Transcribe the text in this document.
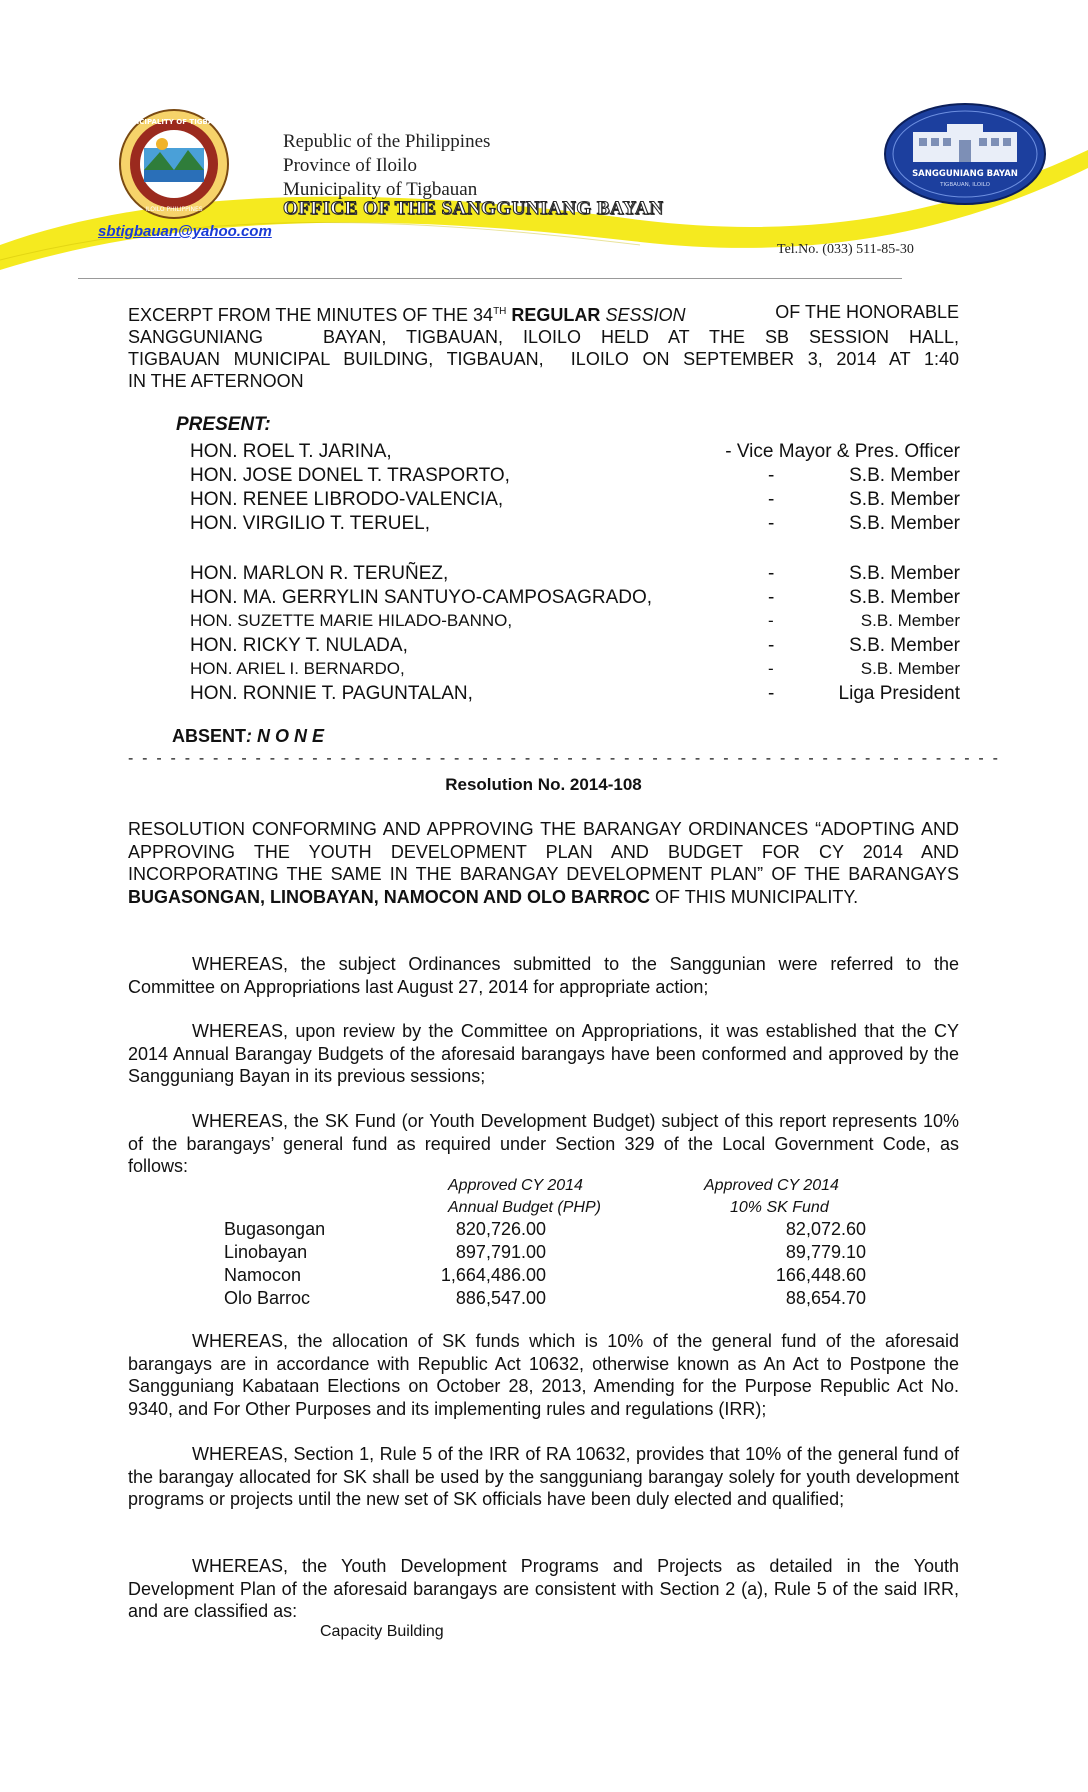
MUNICIPALITY OF TIGBAUAN
ILOILO PHILIPPINES
SANGGUNIANG BAYAN
TIGBAUAN, ILOILO
Republic of the Philippines
Province of Iloilo
Municipality of Tigbauan
OFFICE OF THE SANGGUNIANG BAYAN
sbtigbauan@yahoo.com
Tel.No. (033) 511-85-30
EXCERPT FROM THE MINUTES OF THE 34TH REGULAR SESSION	OF THE HONORABLE
SANGGUNIANG   BAYAN, TIGBAUAN, ILOILO HELD AT THE SB SESSION HALL,
TIGBAUAN MUNICIPAL BUILDING, TIGBAUAN,  ILOILO ON SEPTEMBER 3, 2014 AT 1:40
IN THE AFTERNOON
PRESENT:
HON. ROEL T. JARINA,	- Vice Mayor & Pres. Officer
HON. JOSE DONEL T. TRASPORTO,	-	S.B. Member
HON. RENEE LIBRODO-VALENCIA,	-	S.B. Member
HON. VIRGILIO T. TERUEL,	-	S.B. Member
HON. MARLON R. TERUÑEZ,	-	S.B. Member
HON. MA. GERRYLIN SANTUYO-CAMPOSAGRADO,	-	S.B. Member
HON. SUZETTE MARIE HILADO-BANNO,	-	S.B. Member
HON. RICKY T. NULADA,	-	S.B. Member
HON. ARIEL I. BERNARDO,	-	S.B. Member
HON. RONNIE T. PAGUNTALAN,	-	Liga President
ABSENT: N O N E
- - - - - - - - - - - - - - - - - - - - - - - - - - - - - - - - - - - - - - - - - - - - - - - - - - - - - - - - - - - - - -
Resolution No. 2014-108
RESOLUTION CONFORMING AND APPROVING THE BARANGAY ORDINANCES “ADOPTING AND APPROVING THE YOUTH DEVELOPMENT PLAN AND BUDGET FOR CY 2014 AND INCORPORATING THE SAME IN THE BARANGAY DEVELOPMENT PLAN” OF THE BARANGAYS BUGASONGAN, LINOBAYAN, NAMOCON AND OLO BARROC OF THIS MUNICIPALITY.
WHEREAS, the subject Ordinances submitted to the Sanggunian were referred to the Committee on Appropriations last August 27, 2014 for appropriate action;
WHEREAS, upon review by the Committee on Appropriations, it was established that the CY 2014 Annual Barangay Budgets of the aforesaid barangays have been conformed and approved by the Sangguniang Bayan in its previous sessions;
WHEREAS, the SK Fund (or Youth Development Budget) subject of this report represents 10% of the barangays’ general fund as required under Section 329 of the Local Government Code, as follows:
Approved CY 2014
Annual Budget (PHP)
Approved CY 2014
10% SK Fund
Bugasongan	820,726.00	82,072.60
Linobayan	897,791.00	89,779.10
Namocon	1,664,486.00	166,448.60
Olo Barroc	886,547.00	88,654.70
WHEREAS, the allocation of SK funds which is 10% of the general fund of the aforesaid barangays are in accordance with Republic Act 10632, otherwise known as An Act to Postpone the Sangguniang Kabataan Elections on October 28, 2013, Amending for the Purpose Republic Act No. 9340, and For Other Purposes and its implementing rules and regulations (IRR);
WHEREAS, Section 1, Rule 5 of the IRR of RA 10632, provides that 10% of the general fund of the barangay allocated for SK shall be used by the sangguniang barangay solely for youth development programs or projects until the new set of SK officials have been duly elected and qualified;
WHEREAS, the Youth Development Programs and Projects as detailed in the Youth Development Plan of the aforesaid barangays are consistent with Section 2 (a), Rule 5 of the said IRR, and are classified as:
Capacity Building
